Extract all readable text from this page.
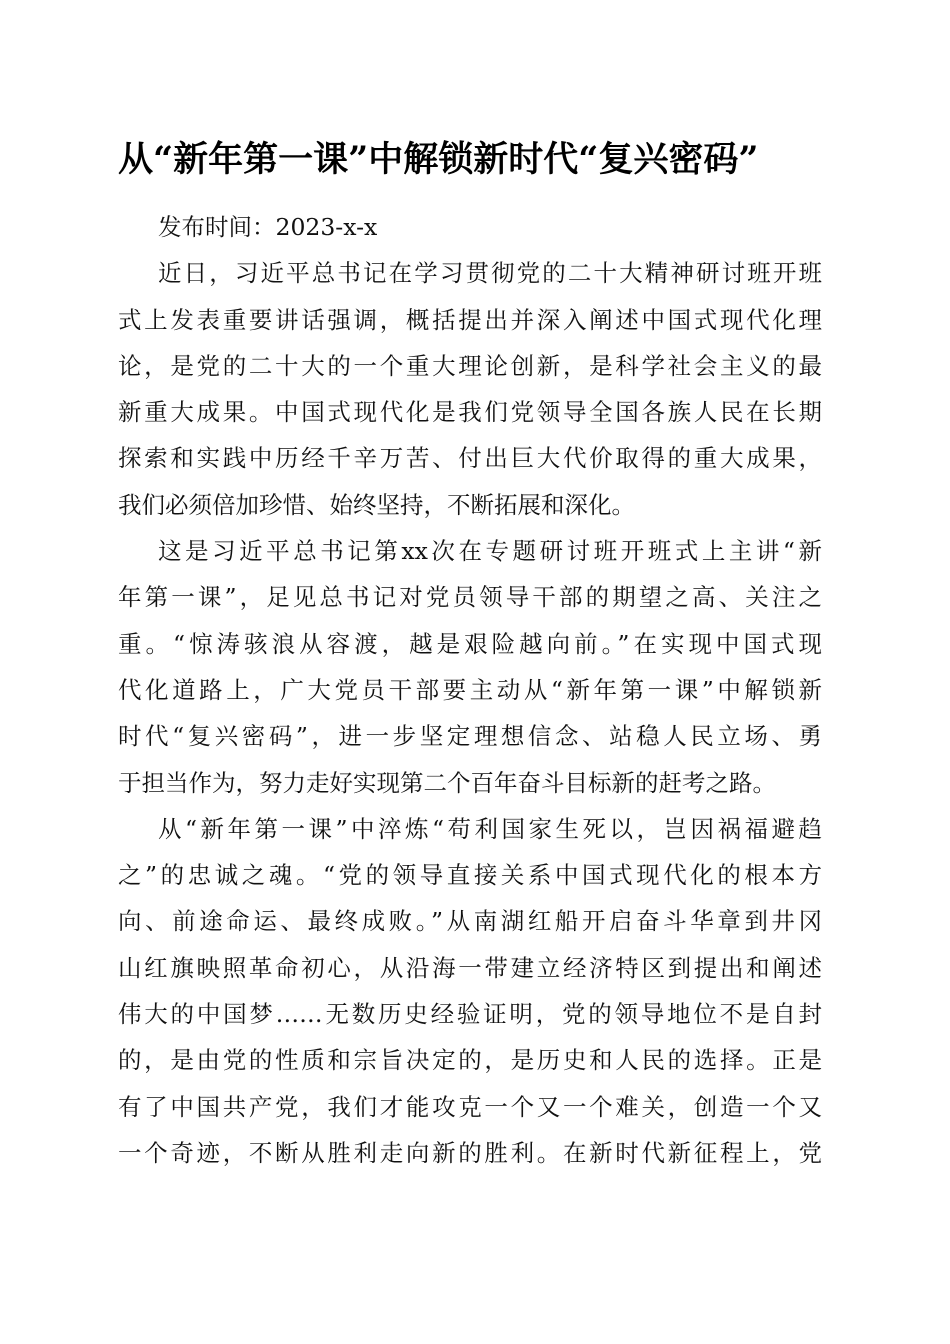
从“新年第一课”中解锁新时代“复兴密码”
发布时间：2023-x-x
近日，习近平总书记在学习贯彻党的二十大精神研讨班开班
式上发表重要讲话强调，概括提出并深入阐述中国式现代化理
论，是党的二十大的一个重大理论创新，是科学社会主义的最
新重大成果。中国式现代化是我们党领导全国各族人民在长期
探索和实践中历经千辛万苦、付出巨大代价取得的重大成果，
我们必须倍加珍惜、始终坚持，不断拓展和深化。
这是习近平总书记第xx次在专题研讨班开班式上主讲“新
年第一课”，足见总书记对党员领导干部的期望之高、关注之
重。“惊涛骇浪从容渡，越是艰险越向前。”在实现中国式现
代化道路上，广大党员干部要主动从“新年第一课”中解锁新
时代“复兴密码”，进一步坚定理想信念、站稳人民立场、勇
于担当作为，努力走好实现第二个百年奋斗目标新的赶考之路。
从“新年第一课”中淬炼“苟利国家生死以，岂因祸福避趋
之”的忠诚之魂。“党的领导直接关系中国式现代化的根本方
向、前途命运、最终成败。”从南湖红船开启奋斗华章到井冈
山红旗映照革命初心，从沿海一带建立经济特区到提出和阐述
伟大的中国梦……无数历史经验证明，党的领导地位不是自封
的，是由党的性质和宗旨决定的，是历史和人民的选择。正是
有了中国共产党，我们才能攻克一个又一个难关，创造一个又
一个奇迹，不断从胜利走向新的胜利。在新时代新征程上，党
